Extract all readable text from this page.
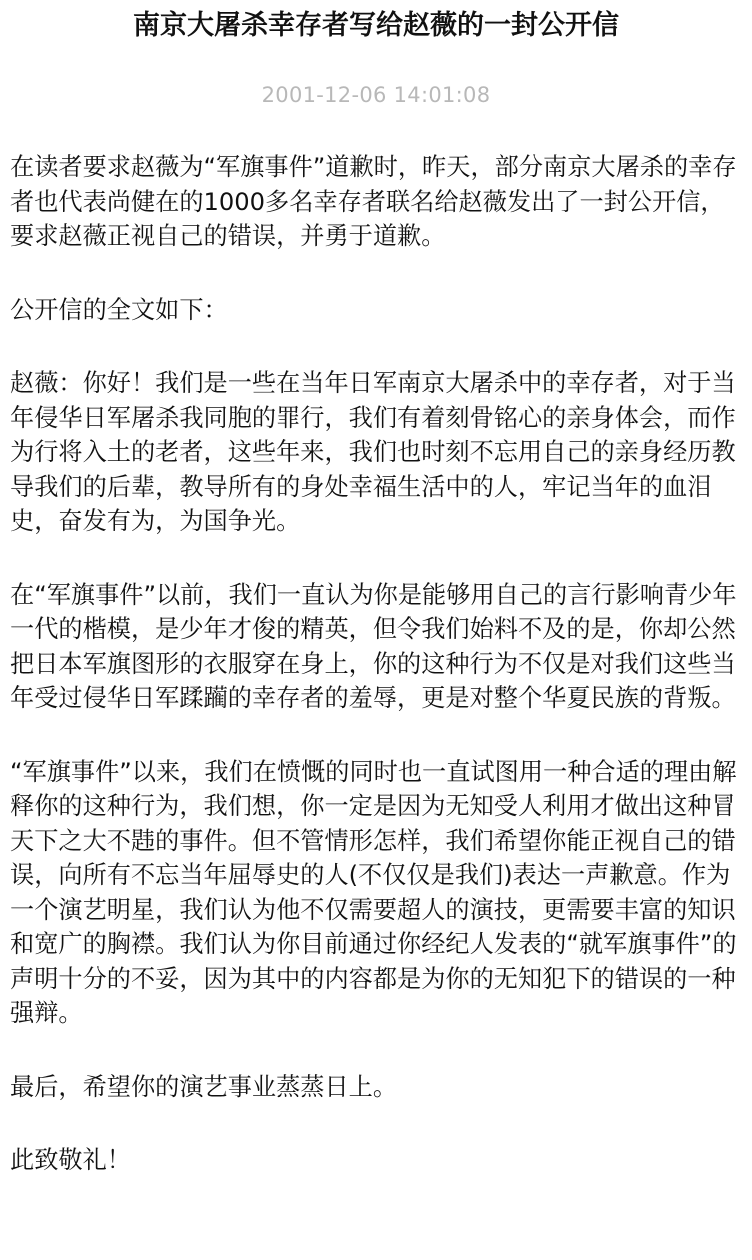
南京大屠杀幸存者写给赵薇的一封公开信
2001-12-06 14:01:08

在读者要求赵薇为“军旗事件”道歉时，昨天，部分南京大屠杀的幸存者也代表尚健在的1000多名幸存者联名给赵薇发出了一封公开信，要求赵薇正视自己的错误，并勇于道歉。

公开信的全文如下：

赵薇：你好！我们是一些在当年日军南京大屠杀中的幸存者，对于当年侵华日军屠杀我同胞的罪行，我们有着刻骨铭心的亲身体会，而作为行将入土的老者，这些年来，我们也时刻不忘用自己的亲身经历教导我们的后辈，教导所有的身处幸福生活中的人，牢记当年的血泪史，奋发有为，为国争光。

在“军旗事件”以前，我们一直认为你是能够用自己的言行影响青少年一代的楷模，是少年才俊的精英，但令我们始料不及的是，你却公然把日本军旗图形的衣服穿在身上，你的这种行为不仅是对我们这些当年受过侵华日军蹂躏的幸存者的羞辱，更是对整个华夏民族的背叛。

“军旗事件”以来，我们在愤慨的同时也一直试图用一种合适的理由解释你的这种行为，我们想，你一定是因为无知受人利用才做出这种冒天下之大不韪的事件。但不管情形怎样，我们希望你能正视自己的错误，向所有不忘当年屈辱史的人(不仅仅是我们)表达一声歉意。作为一个演艺明星，我们认为他不仅需要超人的演技，更需要丰富的知识和宽广的胸襟。我们认为你目前通过你经纪人发表的“就军旗事件”的声明十分的不妥，因为其中的内容都是为你的无知犯下的错误的一种强辩。

最后，希望你的演艺事业蒸蒸日上。

此致敬礼！
